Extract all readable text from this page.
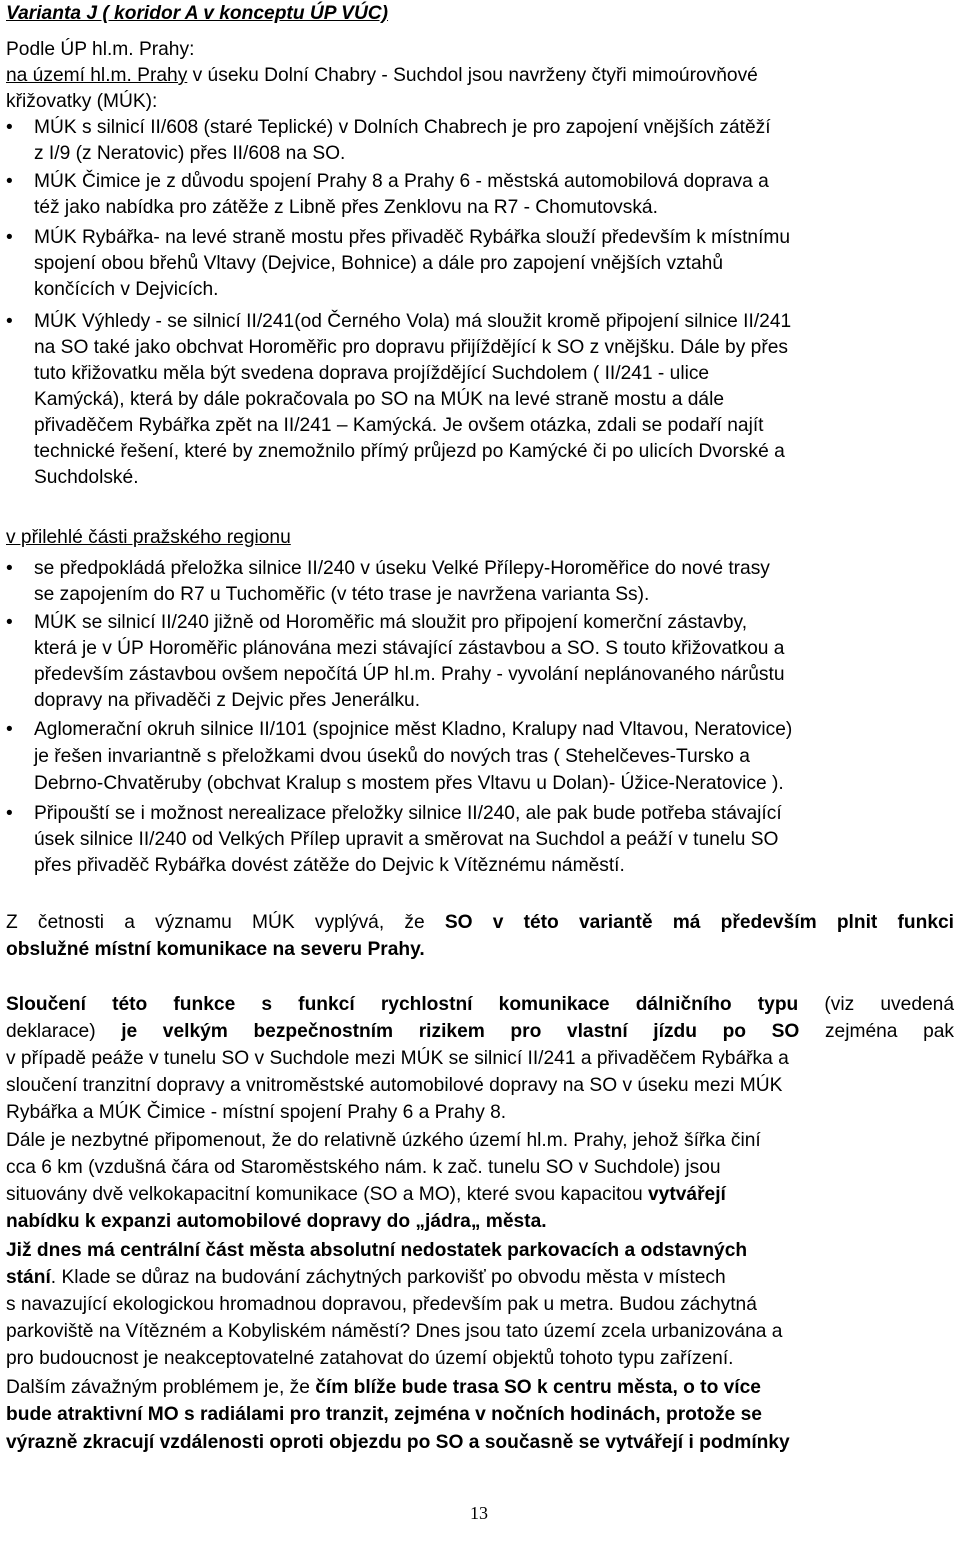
Varianta J ( koridor A v konceptu ÚP VÚC)
Podle ÚP hl.m. Prahy:
na území hl.m. Prahy v úseku Dolní Chabry - Suchdol jsou navrženy čtyři mimoúrovňové
křižovatky (MÚK):
• MÚK s silnicí II/608 (staré Teplické) v Dolních Chabrech je pro zapojení vnějších zátěží
z I/9 (z Neratovic) přes II/608 na SO.
• MÚK Čimice je z důvodu spojení Prahy 8 a Prahy 6 - městská automobilová doprava a
též jako nabídka pro zátěže z Libně přes Zenklovu na R7 - Chomutovská.
• MÚK Rybářka- na levé straně mostu přes přivaděč Rybářka slouží především k místnímu
spojení obou břehů Vltavy (Dejvice, Bohnice) a dále pro zapojení vnějších vztahů
končících v Dejvicích.
• MÚK Výhledy - se silnicí II/241(od Černého Vola) má sloužit kromě připojení silnice II/241
na SO také jako obchvat Horoměřic pro dopravu přijíždějící k SO z vnějšku. Dále by přes
tuto křižovatku měla být svedena doprava projíždějící Suchdolem ( II/241 - ulice
Kamýcká), která by dále pokračovala po SO na MÚK na levé straně mostu a dále
přivaděčem Rybářka zpět na II/241 – Kamýcká. Je ovšem otázka, zdali se podaří najít
technické řešení, které by znemožnilo přímý průjezd po Kamýcké či po ulicích Dvorské a
Suchdolské.
v přilehlé části pražského regionu
• se předpokládá přeložka silnice II/240 v úseku Velké Přílepy-Horoměřice do nové trasy
se zapojením do R7 u Tuchoměřic (v této trase je navržena varianta Ss).
• MÚK se silnicí II/240 jižně od Horoměřic má sloužit pro připojení komerční zástavby,
která je v ÚP Horoměřic plánována mezi stávající zástavbou a SO. S touto křižovatkou a
především zástavbou ovšem nepočítá ÚP hl.m. Prahy - vyvolání neplánovaného nárůstu
dopravy na přivaděči z Dejvic přes Jenerálku.
• Aglomerační okruh silnice II/101 (spojnice měst Kladno, Kralupy nad Vltavou, Neratovice)
je řešen invariantně s přeložkami dvou úseků do nových tras ( Stehelčeves-Tursko a
Debrno-Chvatěruby (obchvat Kralup s mostem přes Vltavu u Dolan)- Úžice-Neratovice ).
• Připouští se i možnost nerealizace přeložky silnice II/240, ale pak bude potřeba stávající
úsek silnice II/240 od Velkých Přílep upravit a směrovat na Suchdol a peáží v tunelu SO
přes přivaděč Rybářka dovést zátěže do Dejvic k Vítěznému náměstí.
Z četnosti a významu MÚK vyplývá, že SO v této variantě má především plnit funkci
obslužné místní komunikace na severu Prahy.
Sloučení této funkce s funkcí rychlostní komunikace dálničního typu (viz uvedená
deklarace) je velkým bezpečnostním rizikem pro vlastní jízdu po SO zejména pak
v případě peáže v tunelu SO v Suchdole mezi MÚK se silnicí II/241 a přivaděčem Rybářka a
sloučení tranzitní dopravy a vnitroměstské automobilové dopravy na SO v úseku mezi MÚK
Rybářka a MÚK Čimice - místní spojení Prahy 6 a Prahy 8.
Dále je nezbytné připomenout, že do relativně úzkého území hl.m. Prahy, jehož šířka činí
cca 6 km (vzdušná čára od Staroměstského nám. k zač. tunelu SO v Suchdole) jsou
situovány dvě velkokapacitní komunikace (SO a MO), které svou kapacitou vytvářejí
nabídku k expanzi automobilové dopravy do „jádra„ města.
Již dnes má centrální část města absolutní nedostatek parkovacích a odstavných
stání. Klade se důraz na budování záchytných parkovišť po obvodu města v místech
s navazující ekologickou hromadnou dopravou, především pak u metra. Budou záchytná
parkoviště na Vítězném a Kobyliském náměstí? Dnes jsou tato území zcela urbanizována a
pro budoucnost je neakceptovatelné zatahovat do území objektů tohoto typu zařízení.
Dalším závažným problémem je, že čím blíže bude trasa SO k centru města, o to více
bude atraktivní MO s radiálami pro tranzit, zejména v nočních hodinách, protože se
výrazně zkracují vzdálenosti oproti objezdu po SO a současně se vytvářejí i podmínky
13
